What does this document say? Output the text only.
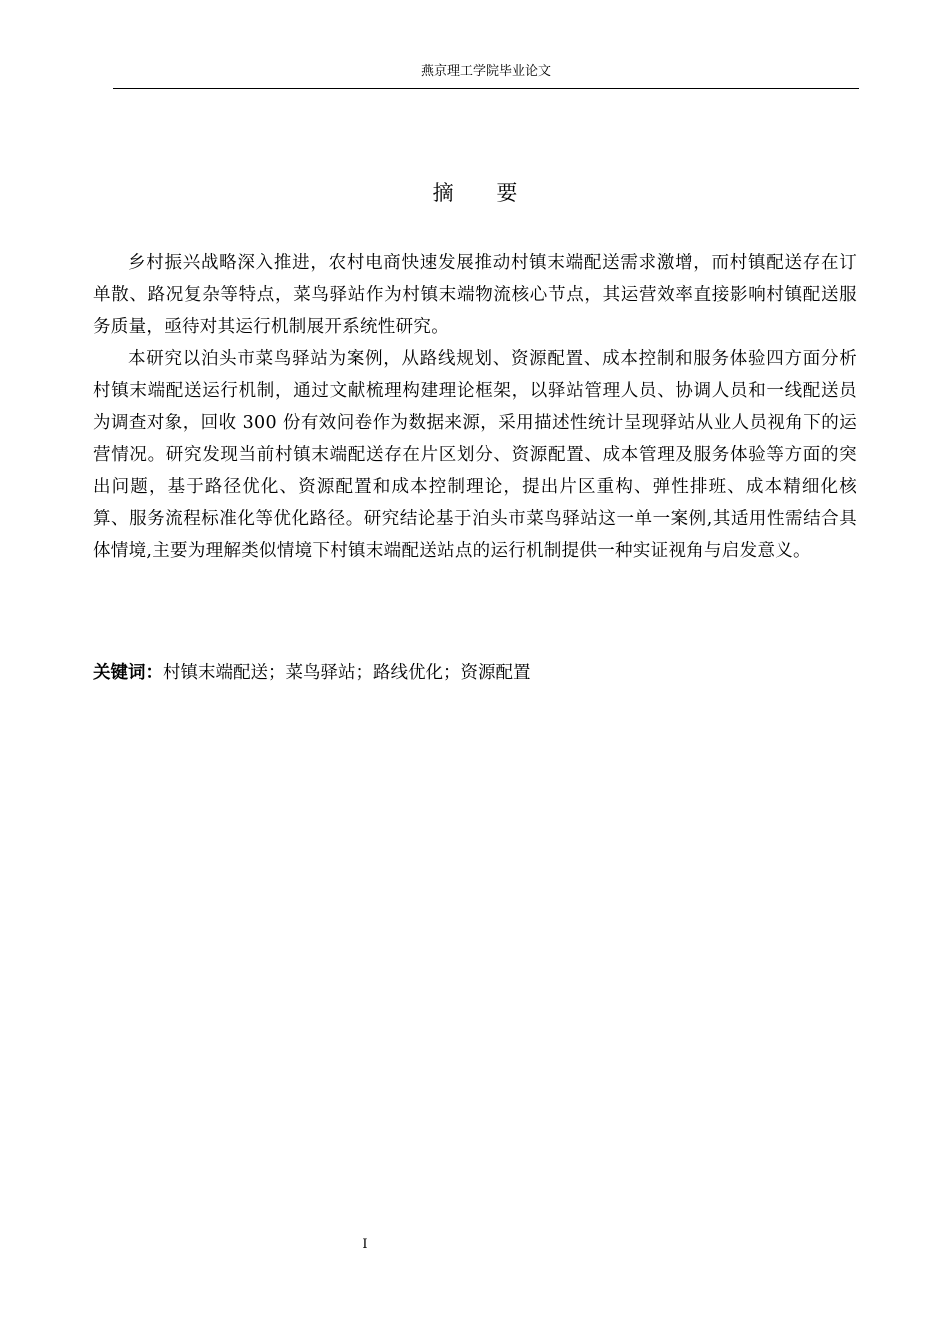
燕京理工学院毕业论文
摘 要

乡村振兴战略深入推进，农村电商快速发展推动村镇末端配送需求激增，而村镇配送存在订单散、路况复杂等特点，菜鸟驿站作为村镇末端物流核心节点，其运营效率直接影响村镇配送服务质量，亟待对其运行机制展开系统性研究。

本研究以泊头市菜鸟驿站为案例，从路线规划、资源配置、成本控制和服务体验四方面分析村镇末端配送运行机制，通过文献梳理构建理论框架，以驿站管理人员、协调人员和一线配送员为调查对象，回收 300 份有效问卷作为数据来源，采用描述性统计呈现驿站从业人员视角下的运营情况。研究发现当前村镇末端配送存在片区划分、资源配置、成本管理及服务体验等方面的突出问题，基于路径优化、资源配置和成本控制理论，提出片区重构、弹性排班、成本精细化核算、服务流程标准化等优化路径。研究结论基于泊头市菜鸟驿站这一单一案例,其适用性需结合具体情境,主要为理解类似情境下村镇末端配送站点的运行机制提供一种实证视角与启发意义。

关键词：村镇末端配送；菜鸟驿站；路线优化；资源配置
I
